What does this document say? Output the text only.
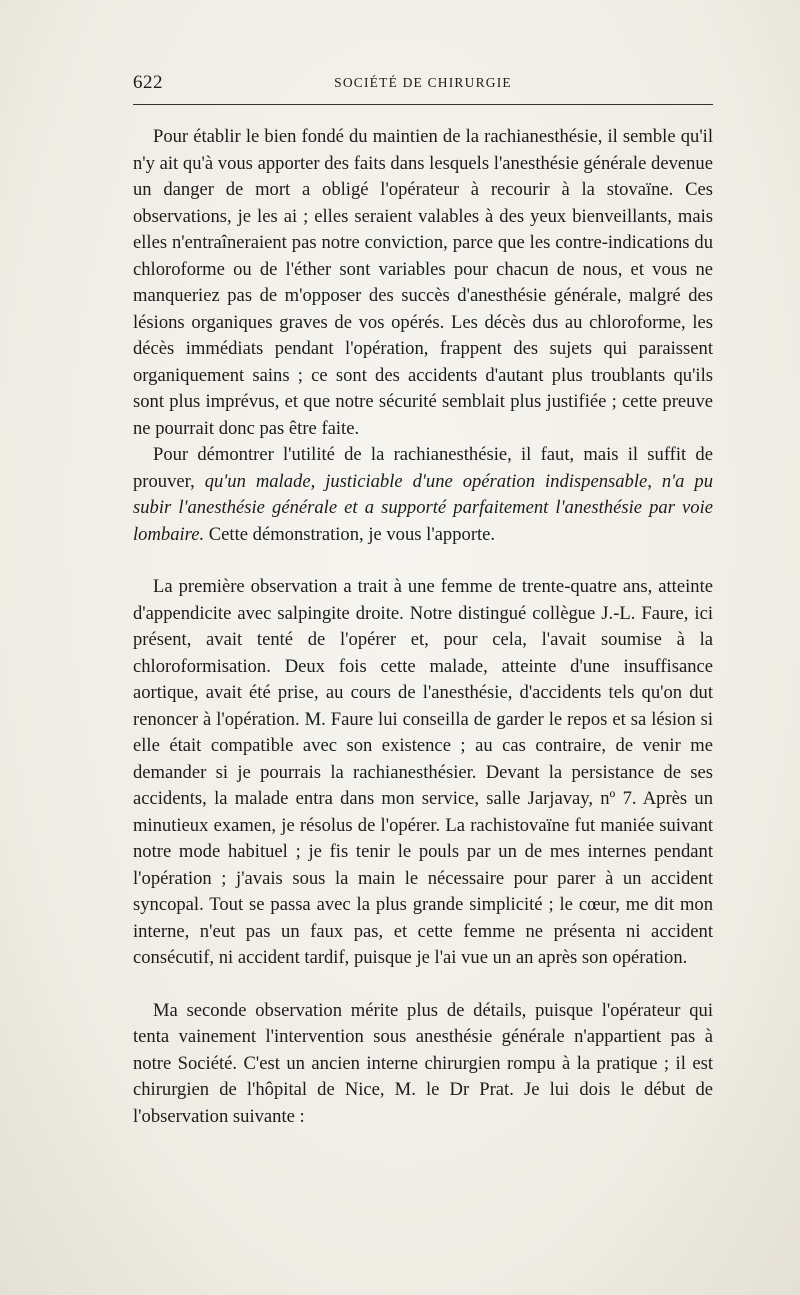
622	SOCIÉTÉ DE CHIRURGIE

Pour établir le bien fondé du maintien de la rachianesthésie, il semble qu'il n'y ait qu'à vous apporter des faits dans lesquels l'anesthésie générale devenue un danger de mort a obligé l'opérateur à recourir à la stovaïne. Ces observations, je les ai ; elles seraient valables à des yeux bienveillants, mais elles n'entraîneraient pas notre conviction, parce que les contre-indications du chloroforme ou de l'éther sont variables pour chacun de nous, et vous ne manqueriez pas de m'opposer des succès d'anesthésie générale, malgré des lésions organiques graves de vos opérés. Les décès dus au chloroforme, les décès immédiats pendant l'opération, frappent des sujets qui paraissent organiquement sains ; ce sont des accidents d'autant plus troublants qu'ils sont plus imprévus, et que notre sécurité semblait plus justifiée ; cette preuve ne pourrait donc pas être faite.

Pour démontrer l'utilité de la rachianesthésie, il faut, mais il suffit de prouver, qu'un malade, justiciable d'une opération indispensable, n'a pu subir l'anesthésie générale et a supporté parfaitement l'anesthésie par voie lombaire. Cette démonstration, je vous l'apporte.

La première observation a trait à une femme de trente-quatre ans, atteinte d'appendicite avec salpingite droite. Notre distingué collègue J.-L. Faure, ici présent, avait tenté de l'opérer et, pour cela, l'avait soumise à la chloroformisation. Deux fois cette malade, atteinte d'une insuffisance aortique, avait été prise, au cours de l'anesthésie, d'accidents tels qu'on dut renoncer à l'opération. M. Faure lui conseilla de garder le repos et sa lésion si elle était compatible avec son existence ; au cas contraire, de venir me demander si je pourrais la rachianesthésier. Devant la persistance de ses accidents, la malade entra dans mon service, salle Jarjavay, nº 7. Après un minutieux examen, je résolus de l'opérer. La rachistovaïne fut maniée suivant notre mode habituel ; je fis tenir le pouls par un de mes internes pendant l'opération ; j'avais sous la main le nécessaire pour parer à un accident syncopal. Tout se passa avec la plus grande simplicité ; le cœur, me dit mon interne, n'eut pas un faux pas, et cette femme ne présenta ni accident consécutif, ni accident tardif, puisque je l'ai vue un an après son opération.

Ma seconde observation mérite plus de détails, puisque l'opérateur qui tenta vainement l'intervention sous anesthésie générale n'appartient pas à notre Société. C'est un ancien interne chirurgien rompu à la pratique ; il est chirurgien de l'hôpital de Nice, M. le Dr Prat. Je lui dois le début de l'observation suivante :
